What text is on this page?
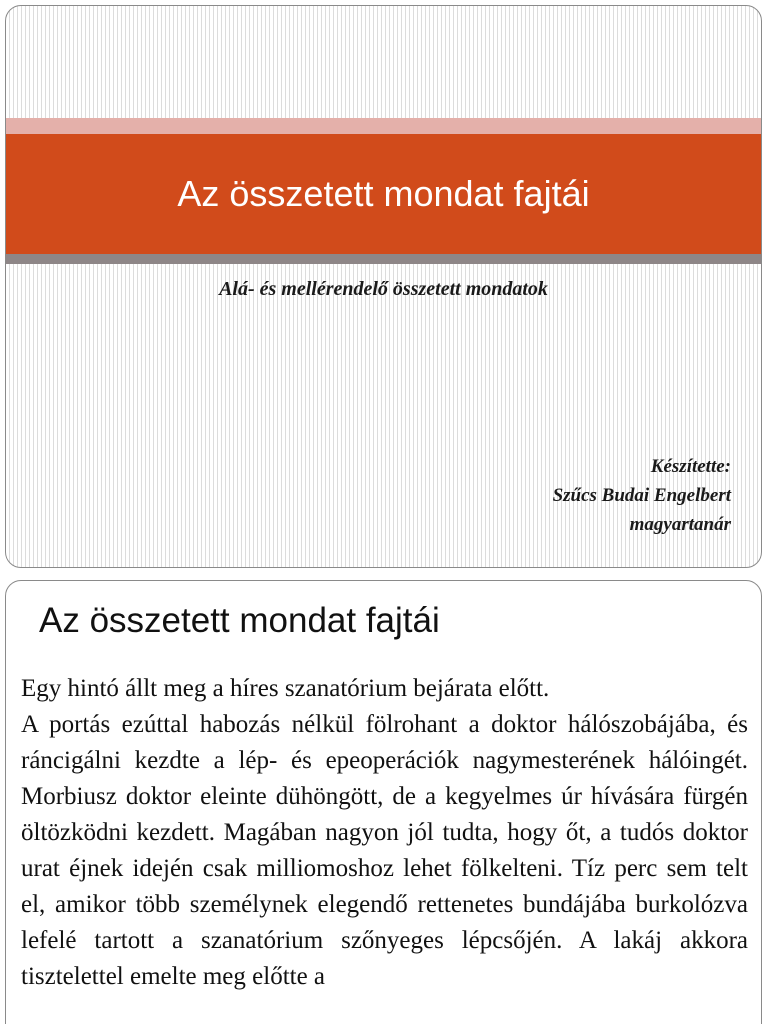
Az összetett mondat fajtái
Alá- és mellérendelő összetett mondatok
Készítette:
Szűcs Budai Engelbert
magyartanár
Az összetett mondat fajtái

Egy hintó állt meg a híres szanatórium bejárata előtt.

A portás ezúttal habozás nélkül fölrohant a doktor hálószobájába, és ráncigálni kezdte a lép- és epeoperációk nagymesterének hálóingét. Morbiusz doktor eleinte dühöngött, de a kegyelmes úr hívására fürgén öltözködni kezdett. Magában nagyon jól tudta, hogy őt, a tudós doktor urat éjnek idején csak milliomoshoz lehet fölkelteni. Tíz perc sem telt el, amikor több személynek elegendő rettenetes bundájába burkolózva lefelé tartott a szanatórium szőnyeges lépcsőjén. A lakáj akkora tisztelettel emelte meg előtte a
